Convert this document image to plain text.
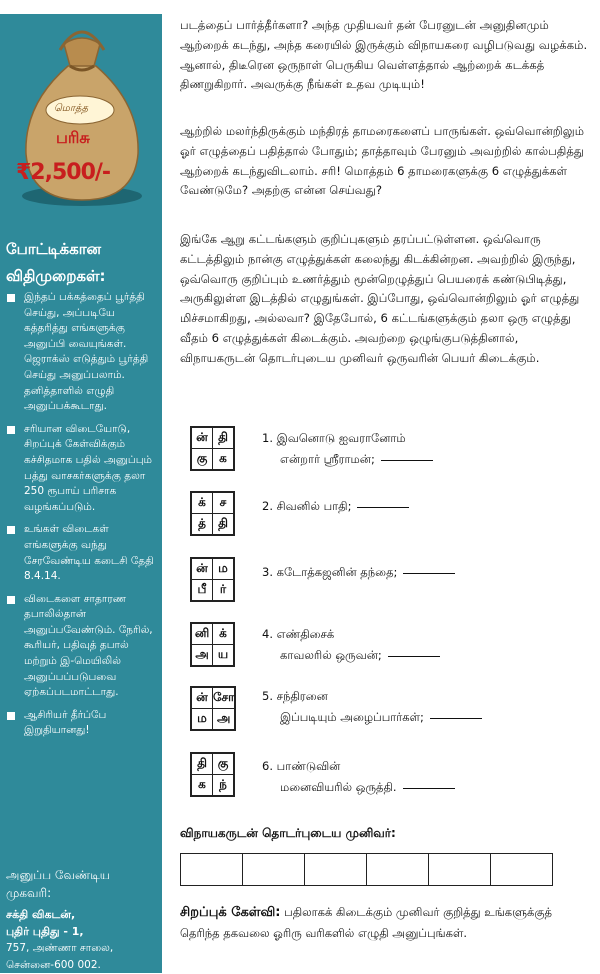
மொத்த
பரிசு
₹2,500/-
போட்டிக்கான
விதிமுறைகள்:
இந்தப் பக்கத்தைப் பூர்த்தி செய்து, அப்படியே கத்தரித்து எங்களுக்கு அனுப்பி வையுங்கள். ஜெராக்ஸ் எடுத்தும் பூர்த்தி செய்து அனுப்பலாம். தனித்தாளில் எழுதி அனுப்பக்கூடாது.
சரியான விடையோடு, சிறப்புக் கேள்விக்கும் கச்சிதமாக பதில் அனுப்பும் பத்து வாசகர்களுக்கு தலா 250 ரூபாய் பரிசாக வழங்கப்படும்.
உங்கள் விடைகள் எங்களுக்கு வந்து சேரவேண்டிய கடைசி தேதி 8.4.14.
விடைகளை சாதாரண தபாலில்தான் அனுப்பவேண்டும். நேரில், கூரியர், பதிவுத் தபால் மற்றும் இ-மெயிலில் அனுப்பப்படுபவை ஏற்கப்படமாட்டாது.
ஆசிரியர் தீர்ப்பே இறுதியானது!
அனுப்ப வேண்டிய
முகவரி:
சக்தி விகடன்,
புதிர் புதிது - 1,
757, அண்ணா சாலை,
சென்னை-600 002.
படத்தைப் பார்த்தீர்களா? அந்த முதியவர் தன் பேரனுடன் அனுதினமும் ஆற்றைக் கடந்து, அந்த கரையில் இருக்கும் விநாயகரை வழிபடுவது வழக்கம். ஆனால், திடீரென ஒருநாள் பெருகிய வெள்ளத்தால் ஆற்றைக் கடக்கத் திணறுகிறார். அவருக்கு நீங்கள் உதவ முடியும்!
ஆற்றில் மலர்ந்திருக்கும் மந்திரத் தாமரைகளைப் பாருங்கள். ஒவ்வொன்றிலும் ஓர் எழுத்தைப் பதித்தால் போதும்; தாத்தாவும் பேரனும் அவற்றில் கால்பதித்து ஆற்றைக் கடந்துவிடலாம். சரி! மொத்தம் 6 தாமரைகளுக்கு 6 எழுத்துக்கள் வேண்டுமே? அதற்கு என்ன செய்வது?
இங்கே ஆறு கட்டங்களும் குறிப்புகளும் தரப்பட்டுள்ளன. ஒவ்வொரு கட்டத்திலும் நான்கு எழுத்துக்கள் கலைந்து கிடக்கின்றன. அவற்றில் இருந்து, ஒவ்வொரு குறிப்பும் உணர்த்தும் மூன்றெழுத்துப் பெயரைக் கண்டுபிடித்து, அருகிலுள்ள இடத்தில் எழுதுங்கள். இப்போது, ஒவ்வொன்றிலும் ஓர் எழுத்து மிச்சமாகிறது, அல்லவா? இதேபோல், 6 கட்டங்களுக்கும் தலா ஒரு எழுத்து வீதம் 6 எழுத்துக்கள் கிடைக்கும். அவற்றை ஒழுங்குபடுத்தினால், விநாயகருடன் தொடர்புடைய முனிவர் ஒருவரின் பெயர் கிடைக்கும்.
ன்	தி
கு	க
1. இவனொடு ஐவரானோம்
என்றார் ஸ்ரீராமன்;
க்	ச
த்	தி
2. சிவனில் பாதி;
ன்	ம
பீ	ர்
3. கடோத்கஜனின் தந்தை;
னி	க்
அ	ய
4. எண்திசைக்
காவலரில் ஒருவன்;
ன்	சோ
ம	அ
5. சந்திரனை
இப்படியும் அழைப்பார்கள்;
தி	கு
க	ந்
6. பாண்டுவின்
மனைவியரில் ஒருத்தி.
விநாயகருடன் தொடர்புடைய முனிவர்:

சிறப்புக் கேள்வி: பதிலாகக் கிடைக்கும் முனிவர் குறித்து உங்களுக்குத் தெரிந்த தகவலை ஓரிரு வரிகளில் எழுதி அனுப்புங்கள்.
